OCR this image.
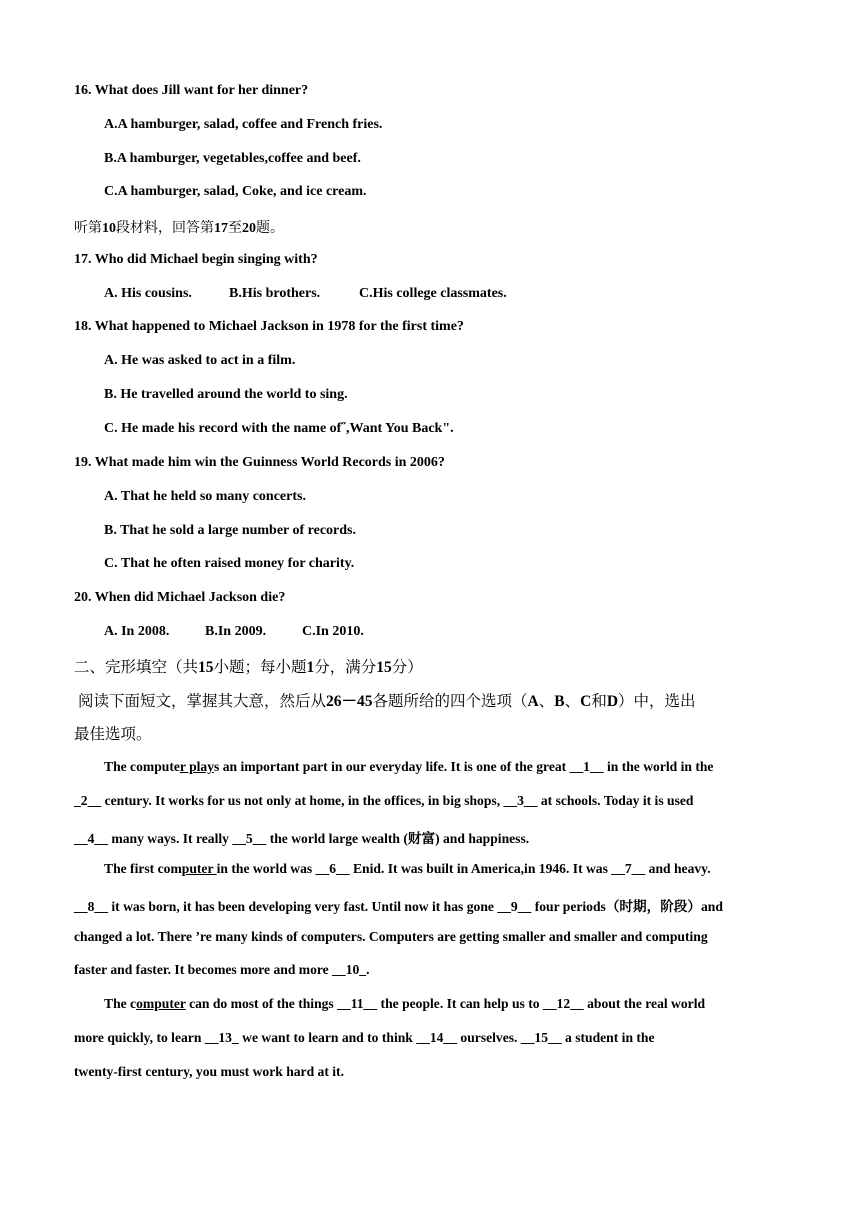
16. What does Jill want for her dinner?
A.A hamburger, salad, coffee and French fries.
B.A hamburger, vegetables,coffee and beef.
C.A hamburger, salad, Coke, and ice cream.
听第10段材料，回答第17至20题。
17. Who did Michael begin singing with?
A. His cousins.	B.His brothers.	C.His college classmates.
18. What happened to Michael Jackson in 1978 for the first time?
A. He was asked to act in a film.
B. He travelled around the world to sing.
C. He made his record with the name of˝,Want You Back".
19. What made him win the Guinness World Records in 2006?
A. That he held so many concerts.
B. That he sold a large number of records.
C. That he often raised money for charity.
20. When did Michael Jackson die?
A. In 2008.	B.In 2009.	C.In 2010.
二、完形填空（共15小题；每小题1分，满分15分）
阅读下面短文，掌握其大意，然后从26－45各题所给的四个选项（A、B、C和D）中，选出
最佳选项。
The computer plays an important part in our everyday life. It is one of the great __1__ in the world in the
_2__ century. It works for us not only at home, in the offices, in big shops, __3__ at schools. Today it is used
__4__ many ways. It really __5__ the world large wealth (财富) and happiness.
The first computer in the world was __6__ Enid. It was built in America,in 1946. It was __7__ and heavy.
__8__ it was born, it has been developing very fast. Until now it has gone __9__ four periods（时期，阶段）and
changed a lot. There ’re many kinds of computers. Computers are getting smaller and smaller and computing
faster and faster. It becomes more and more __10_.
The computer can do most of the things __11__ the people. It can help us to __12__ about the real world
more quickly, to learn __13_ we want to learn and to think __14__ ourselves. __15__ a student in the
twenty-first century, you must work hard at it.
